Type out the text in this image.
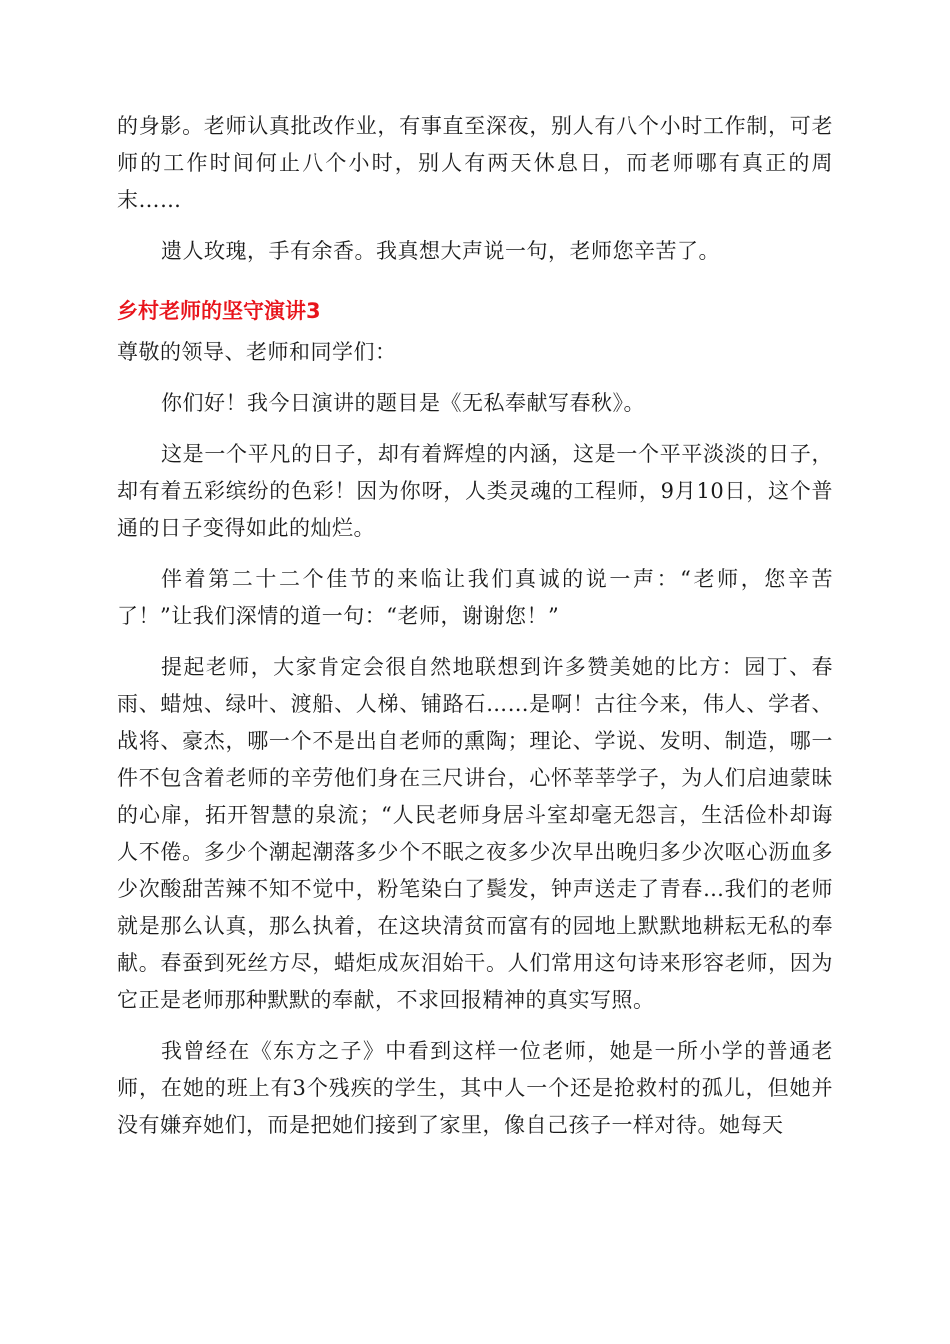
的身影。老师认真批改作业，有事直至深夜，别人有八个小时工作制，可老师的工作时间何止八个小时，别人有两天休息日，而老师哪有真正的周末……

遗人玫瑰，手有余香。我真想大声说一句，老师您辛苦了。

乡村老师的坚守演讲3

尊敬的领导、老师和同学们：

你们好！我今日演讲的题目是《无私奉献写春秋》。

这是一个平凡的日子，却有着辉煌的内涵，这是一个平平淡淡的日子，却有着五彩缤纷的色彩！因为你呀，人类灵魂的工程师，9月10日，这个普通的日子变得如此的灿烂。

伴着第二十二个佳节的来临让我们真诚的说一声：“老师，您辛苦了！”让我们深情的道一句：“老师，谢谢您！”

提起老师，大家肯定会很自然地联想到许多赞美她的比方：园丁、春雨、蜡烛、绿叶、渡船、人梯、铺路石……是啊！古往今来，伟人、学者、战将、豪杰，哪一个不是出自老师的熏陶；理论、学说、发明、制造，哪一件不包含着老师的辛劳他们身在三尺讲台，心怀莘莘学子，为人们启迪蒙昧的心扉，拓开智慧的泉流；“人民老师身居斗室却毫无怨言，生活俭朴却诲人不倦。多少个潮起潮落多少个不眠之夜多少次早出晚归多少次呕心沥血多少次酸甜苦辣不知不觉中，粉笔染白了鬓发，钟声送走了青春…我们的老师就是那么认真，那么执着，在这块清贫而富有的园地上默默地耕耘无私的奉献。春蚕到死丝方尽，蜡炬成灰泪始干。人们常用这句诗来形容老师，因为它正是老师那种默默的奉献，不求回报精神的真实写照。

我曾经在《东方之子》中看到这样一位老师，她是一所小学的普通老师，在她的班上有3个残疾的学生，其中人一个还是抢救村的孤儿，但她并没有嫌弃她们，而是把她们接到了家里，像自己孩子一样对待。她每天
